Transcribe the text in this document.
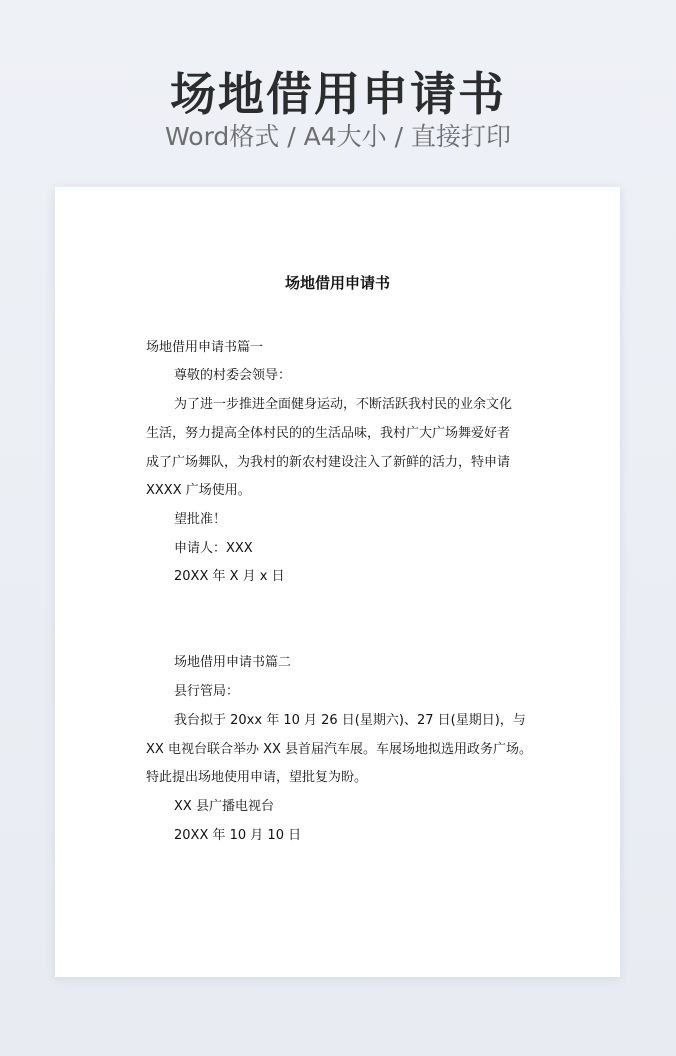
场地借用申请书
Word格式 / A4大小 / 直接打印
场地借用申请书
场地借用申请书篇一
尊敬的村委会领导：
为了进一步推进全面健身运动，不断活跃我村民的业余文化
生活，努力提高全体村民的的生活品味，我村广大广场舞爱好者
成了广场舞队，为我村的新农村建设注入了新鲜的活力，特申请
XXXX 广场使用。
望批准！
申请人：XXX
20XX 年 X 月 x 日
场地借用申请书篇二
县行管局：
我台拟于 20xx 年 10 月 26 日(星期六)、27 日(星期日)，与
XX 电视台联合举办 XX 县首届汽车展。车展场地拟选用政务广场。
特此提出场地使用申请，望批复为盼。
XX 县广播电视台
20XX 年 10 月 10 日
